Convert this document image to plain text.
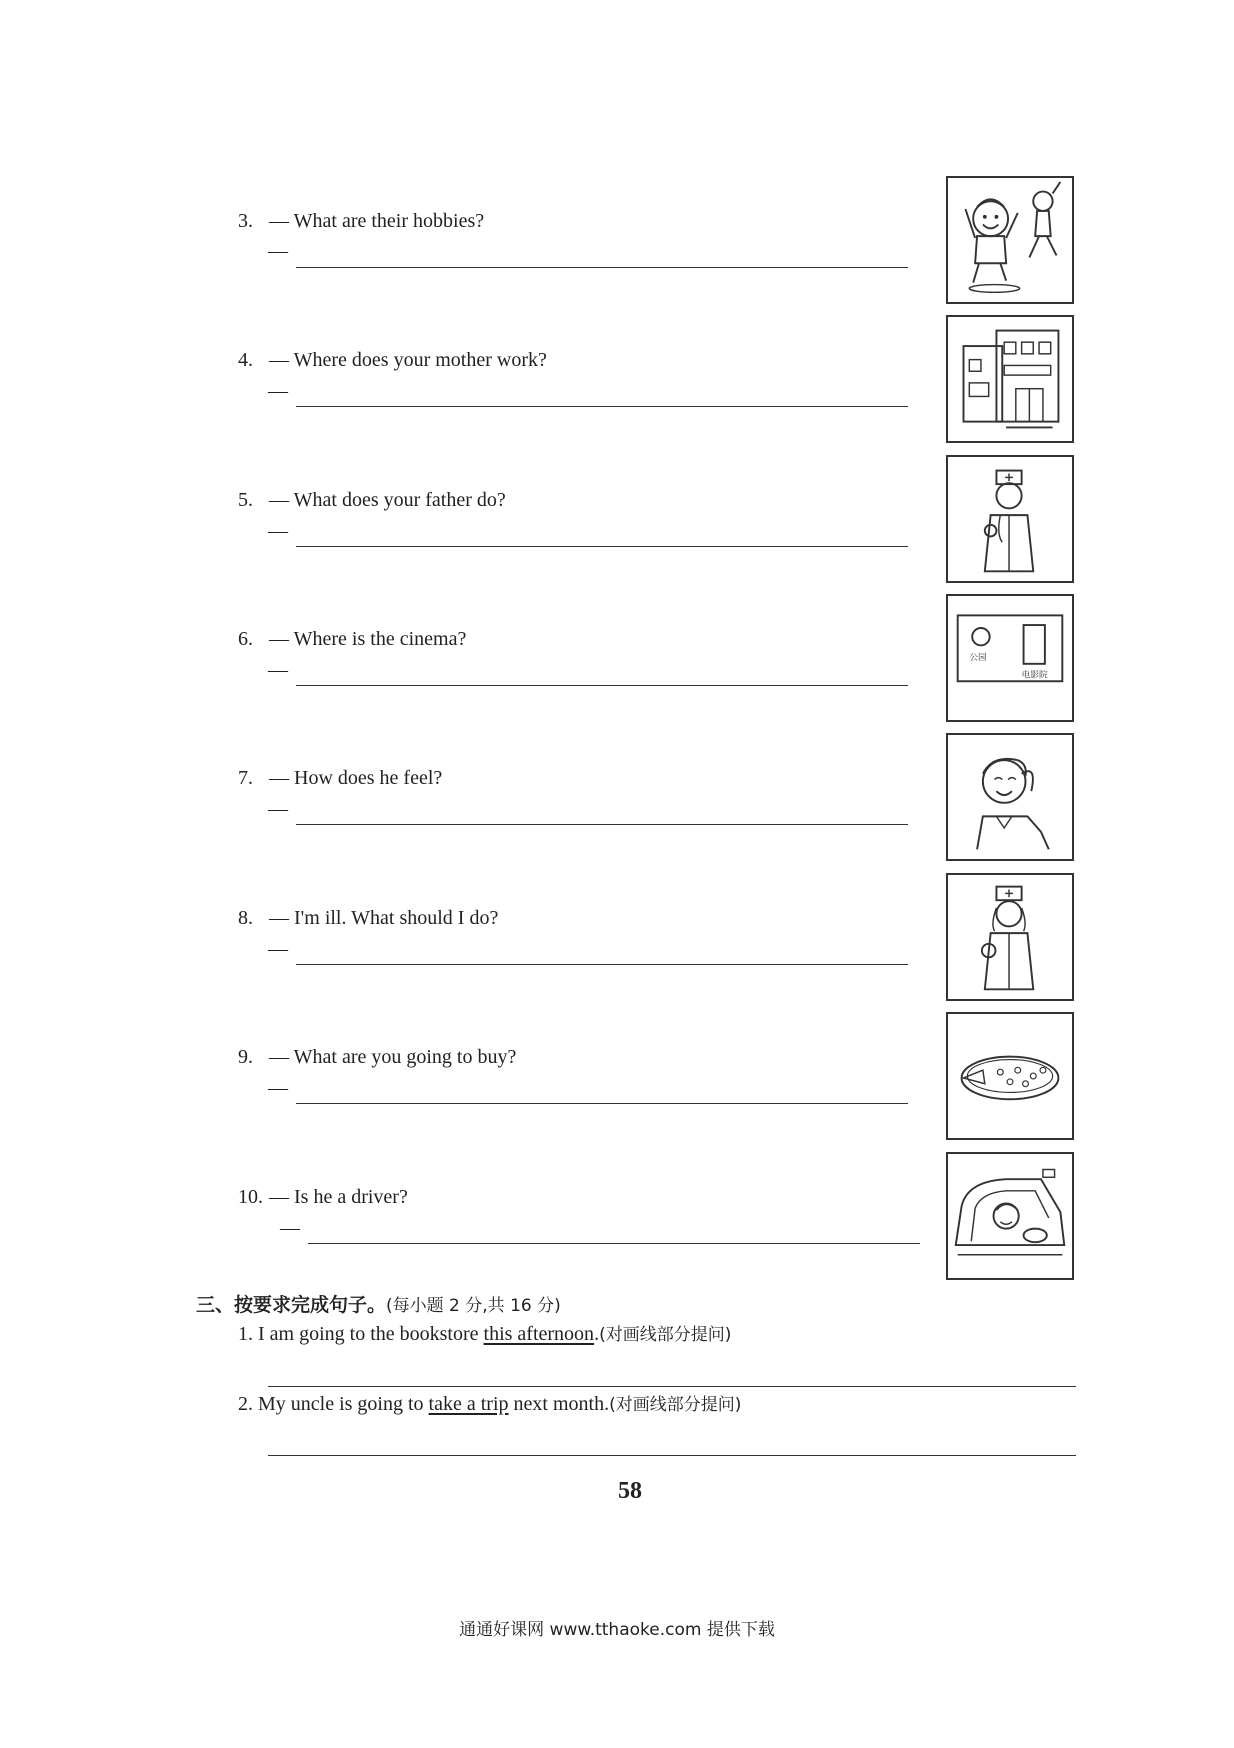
3. — What are their hobbies?
—
4. — Where does your mother work?
—
5. — What does your father do?
—
6. — Where is the cinema?
—
公园
电影院
7. — How does he feel?
—
8. — I'm ill. What should I do?
—
9. — What are you going to buy?
—
10. — Is he a driver?
—
三、按要求完成句子。(每小题 2 分,共 16 分)
1. I am going to the bookstore this afternoon.(对画线部分提问)
2. My uncle is going to take a trip next month.(对画线部分提问)
58
通通好课网 www.tthaoke.com 提供下载
